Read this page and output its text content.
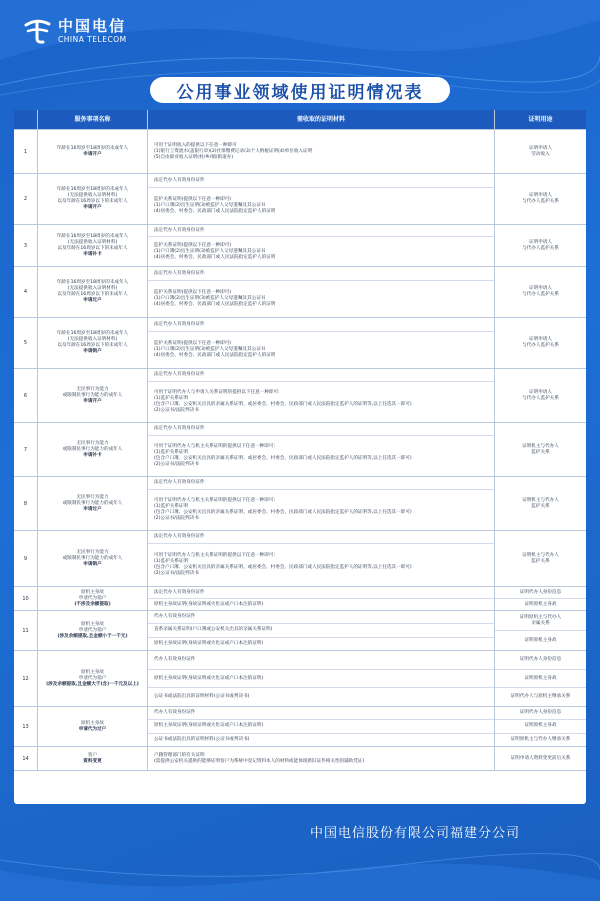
中国电信
CHINA TELECOM
公用事业领域使用证明情况表
服务事项名称	需收取的证明材料	证明用途
1
年龄在16周岁至18周岁的未成年人
申请开户
可用于证明收入的提供以下任意一种即可
(1)银行工资流水(盖银行章)(2)社保缴费记录(3)个人纳税证明(4)单位收入证明
(5)自由职业收入证明(村/乡/镇/街道办)
证明申请人
劳动收入
2
年龄在16周岁至18周岁的未成年人
(无法提供收入证明材料)
以及年龄在16周岁以下的未成年人
申请开户
法定代办人有效身份证件
监护关系证明(提供以下任意一种即可)
(1)户口簿(2)出生证明(3)被监护人父母遗嘱及其公证书
(4)居委会、村委会、民政部门或人民法院指定监护人的证明
证明申请人
与代办人监护关系
3
年龄在16周岁至18周岁的未成年人
(无法提供收入证明材料)
以及年龄在16周岁以下的未成年人
申请补卡
法定代办人有效身份证件
监护关系证明(提供以下任意一种即可)
(1)户口簿(2)出生证明(3)被监护人父母遗嘱及其公证书
(4)居委会、村委会、民政部门或人民法院指定监护人的证明
证明申请人
与代办人监护关系
4
年龄在16周岁至18周岁的未成年人
(无法提供收入证明材料)
以及年龄在16周岁以下的未成年人
申请过户
法定代办人有效身份证件
监护关系证明(提供以下任意一种即可)
(1)户口簿(2)出生证明(3)被监护人父母遗嘱及其公证书
(4)居委会、村委会、民政部门或人民法院指定监护人的证明
证明申请人
与代办人监护关系
5
年龄在16周岁至18周岁的未成年人
(无法提供收入证明材料)
以及年龄在16周岁以下的未成年人
申请销户
法定代办人有效身份证件
监护关系证明(提供以下任意一种即可)
(1)户口簿(2)出生证明(3)被监护人父母遗嘱及其公证书
(4)居委会、村委会、民政部门或人民法院指定监护人的证明
证明申请人
与代办人监护关系
6
无民事行为能力
或限制民事行为能力的成年人
申请开户
法定代办人有效身份证件
可用于证明代办人与申请人关系证明的提供以下任意一种即可:
(1)监护关系证明
(包含户口簿、公安机关出具的亲属关系证明、或居委会、村委会、民政部门或人民法院指定监护人的证明等,以上任选其一即可)
(2)公证书/法院判决书
证明申请人
与代办人监护关系
7
无民事行为能力
或限制民事行为能力的成年人
申请补卡
法定代办人有效身份证件
可用于证明代办人与机主关系证明的提供以下任意一种即可:
(1)监护关系证明
(包含户口簿、公安机关出具的亲属关系证明、或居委会、村委会、民政部门或人民法院指定监护人的证明等,以上任选其一即可)
(2)公证书/法院判决书
证明机主与代办人
监护关系
8
无民事行为能力
或限制民事行为能力的成年人
申请过户
法定代办人有效身份证件
可用于证明代办人与机主关系证明的提供以下任意一种即可:
(1)监护关系证明
(包含户口簿、公安机关出具的亲属关系证明、或居委会、村委会、民政部门或人民法院指定监护人的证明等,以上任选其一即可)
(2)公证书/法院判决书
证明机主与代办人
监护关系
9
无民事行为能力
或限制民事行为能力的成年人
申请销户
法定代办人有效身份证件
可用于证明代办人与机主关系证明的提供以下任意一种即可:
(1)监护关系证明
(包含户口簿、公安机关出具的亲属关系证明、或居委会、村委会、民政部门或人民法院指定监护人的证明等,以上任选其一即可)
(2)公证书/法院判决书
证明机主与代办人
监护关系
10
原机主身故
申请代为销户
(不涉及余额提取)
法定代办人有效身份证件
原机主身故证明(身故证明或火化证或户口本注销证明)
证明代办人身份信息
证明原机主身故
11
原机主身故
申请代为销户
(涉及余额提取,且金额小于一千元)
代办人有效身份证件
直系亲属关系证明(户口簿或公安机关出具的亲属关系证明)
原机主身故证明(身故证明或火化证或户口本注销证明)
证明原机主与代办人
亲属关系
证明原机主身故
12
原机主身故
申请代为销户
(涉及余额提取,且金额大于(含)一千元及以上)
代办人有效身份证件
原机主身故证明(身故证明或火化证或户口本注销证明)
公证书或法院出具的证明材料(公证书或判决书)
证明代办人身份信息
证明原机主身故
证明代办人与原机主继承关系
13
原机主身故
申请代为过户
代办人有效身份证件
原机主身故证明(身故证明或火化证或户口本注销证明)
公证书或法院出具的证明材料(公证书或判决书)
证明代办人身份信息
证明原机主身故
证明原机主与代办人继承关系
14
客户
资料变更
户籍管理部门的有关证明
(需提供公安机关提供的能够证明客户为系统中登记资料本人的材料或能体现新旧证件相关性的辅助凭证)
证明申请人资料变更前后关系
中国电信股份有限公司福建分公司
